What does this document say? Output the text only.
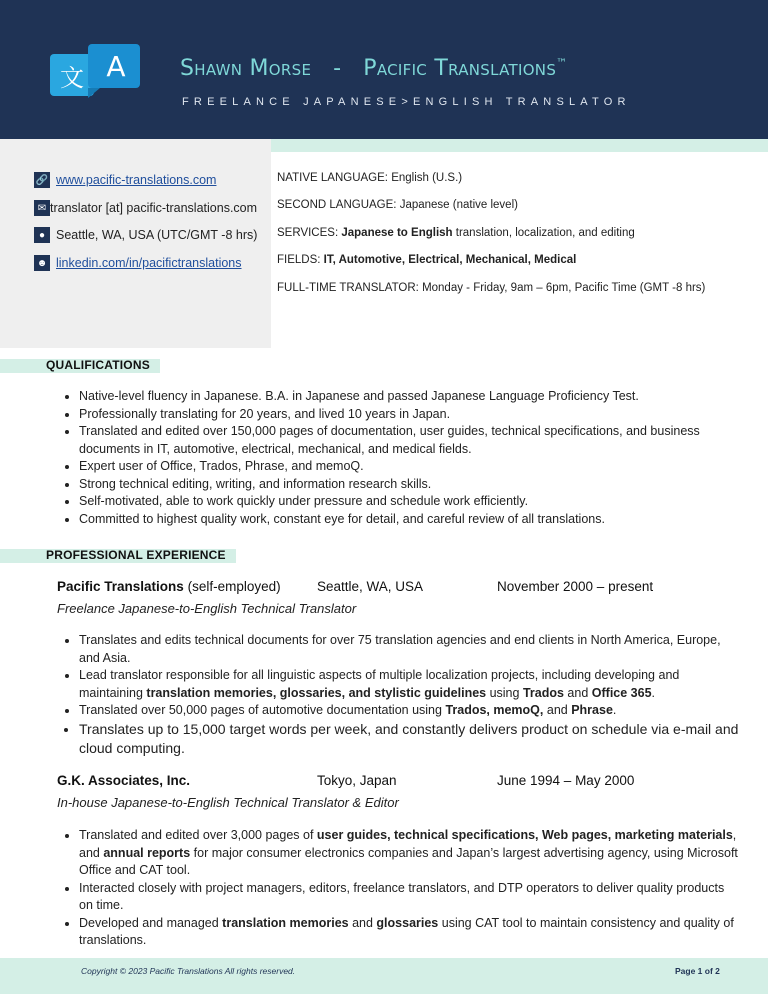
文 A Shawn Morse - Pacific Translations™
FREELANCE JAPANESE>ENGLISH TRANSLATOR
🔗 www.pacific-translations.com
✉ translator [at] pacific-translations.com
● Seattle, WA, USA (UTC/GMT -8 hrs)
☻ linkedin.com/in/pacifictranslations
NATIVE LANGUAGE: English (U.S.)
SECOND LANGUAGE: Japanese (native level)
SERVICES: Japanese to English translation, localization, and editing
FIELDS: IT, Automotive, Electrical, Mechanical, Medical
FULL-TIME TRANSLATOR: Monday - Friday, 9am – 6pm, Pacific Time (GMT -8 hrs)
QUALIFICATIONS
• Native-level fluency in Japanese. B.A. in Japanese and passed Japanese Language Proficiency Test.
• Professionally translating for 20 years, and lived 10 years in Japan.
• Translated and edited over 150,000 pages of documentation, user guides, technical specifications, and business documents in IT, automotive, electrical, mechanical, and medical fields.
• Expert user of Office, Trados, Phrase, and memoQ.
• Strong technical editing, writing, and information research skills.
• Self-motivated, able to work quickly under pressure and schedule work efficiently.
• Committed to highest quality work, constant eye for detail, and careful review of all translations.
PROFESSIONAL EXPERIENCE
Pacific Translations (self-employed)	Seattle, WA, USA	November 2000 – present
Freelance Japanese-to-English Technical Translator
• Translates and edits technical documents for over 75 translation agencies and end clients in North America, Europe, and Asia.
• Lead translator responsible for all linguistic aspects of multiple localization projects, including developing and maintaining translation memories, glossaries, and stylistic guidelines using Trados and Office 365.
• Translated over 50,000 pages of automotive documentation using Trados, memoQ, and Phrase.
• Translates up to 15,000 target words per week, and constantly delivers product on schedule via e-mail and cloud computing.
G.K. Associates, Inc.	Tokyo, Japan	June 1994 – May 2000
In-house Japanese-to-English Technical Translator & Editor
• Translated and edited over 3,000 pages of user guides, technical specifications, Web pages, marketing materials, and annual reports for major consumer electronics companies and Japan’s largest advertising agency, using Microsoft Office and CAT tool.
• Interacted closely with project managers, editors, freelance translators, and DTP operators to deliver quality products on time.
• Developed and managed translation memories and glossaries using CAT tool to maintain consistency and quality of translations.
Copyright © 2023 Pacific Translations All rights reserved.	Page 1 of 2
